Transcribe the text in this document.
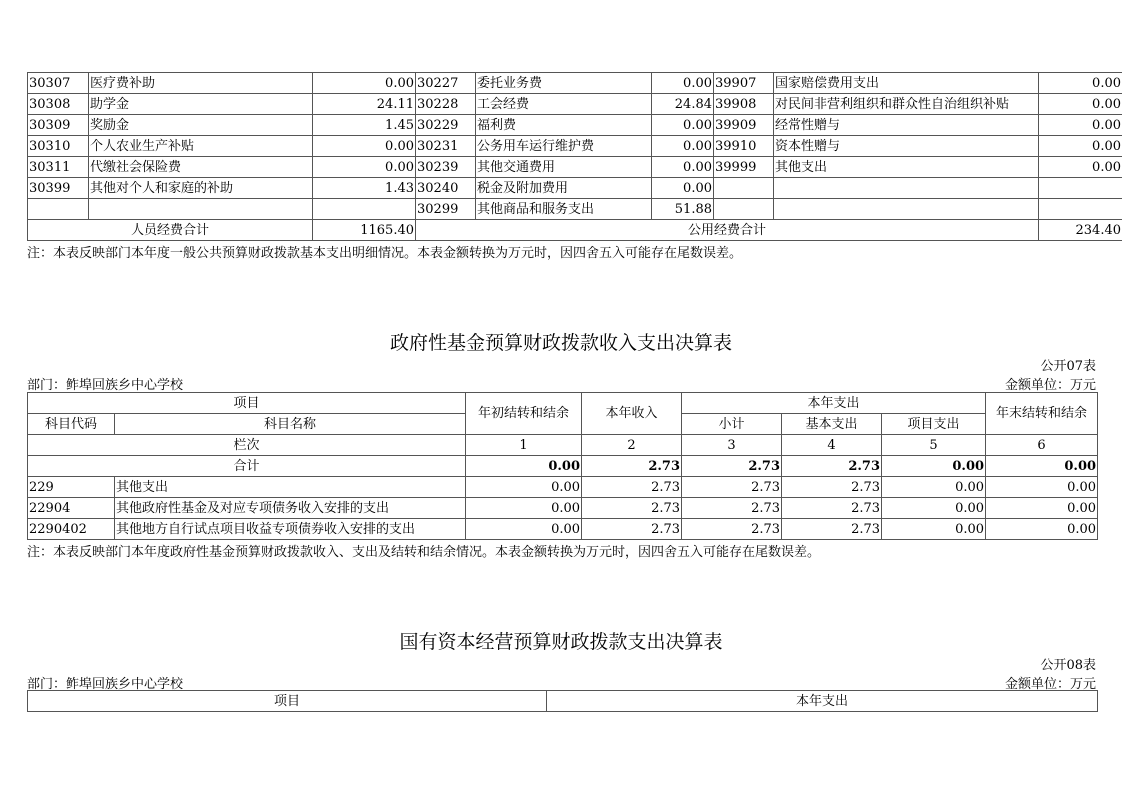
30307	医疗费补助	0.00	30227	委托业务费	0.00	39907	国家赔偿费用支出	0.00
30308	助学金	24.11	30228	工会经费	24.84	39908	对民间非营利组织和群众性自治组织补贴	0.00
30309	奖励金	1.45	30229	福利费	0.00	39909	经常性赠与	0.00
30310	个人农业生产补贴	0.00	30231	公务用车运行维护费	0.00	39910	资本性赠与	0.00
30311	代缴社会保险费	0.00	30239	其他交通费用	0.00	39999	其他支出	0.00
30399	其他对个人和家庭的补助	1.43	30240	税金及附加费用	0.00			
			30299	其他商品和服务支出	51.88			
人员经费合计		1165.40	公用经费合计					234.40
注：本表反映部门本年度一般公共预算财政拨款基本支出明细情况。本表金额转换为万元时，因四舍五入可能存在尾数误差。
政府性基金预算财政拨款收入支出决算表
公开07表
部门：鲊埠回族乡中心学校	金额单位：万元
项目		年初结转和结余	本年收入	本年支出			年末结转和结余
科目代码	科目名称			小计	基本支出	项目支出	
栏次		1	2	3	4	5	6
合计		0.00	2.73	2.73	2.73	0.00	0.00
229	其他支出	0.00	2.73	2.73	2.73	0.00	0.00
22904	其他政府性基金及对应专项债务收入安排的支出	0.00	2.73	2.73	2.73	0.00	0.00
2290402	其他地方自行试点项目收益专项债券收入安排的支出	0.00	2.73	2.73	2.73	0.00	0.00
注：本表反映部门本年度政府性基金预算财政拨款收入、支出及结转和结余情况。本表金额转换为万元时，因四舍五入可能存在尾数误差。
国有资本经营预算财政拨款支出决算表
公开08表
部门：鲊埠回族乡中心学校	金额单位：万元
项目	本年支出
